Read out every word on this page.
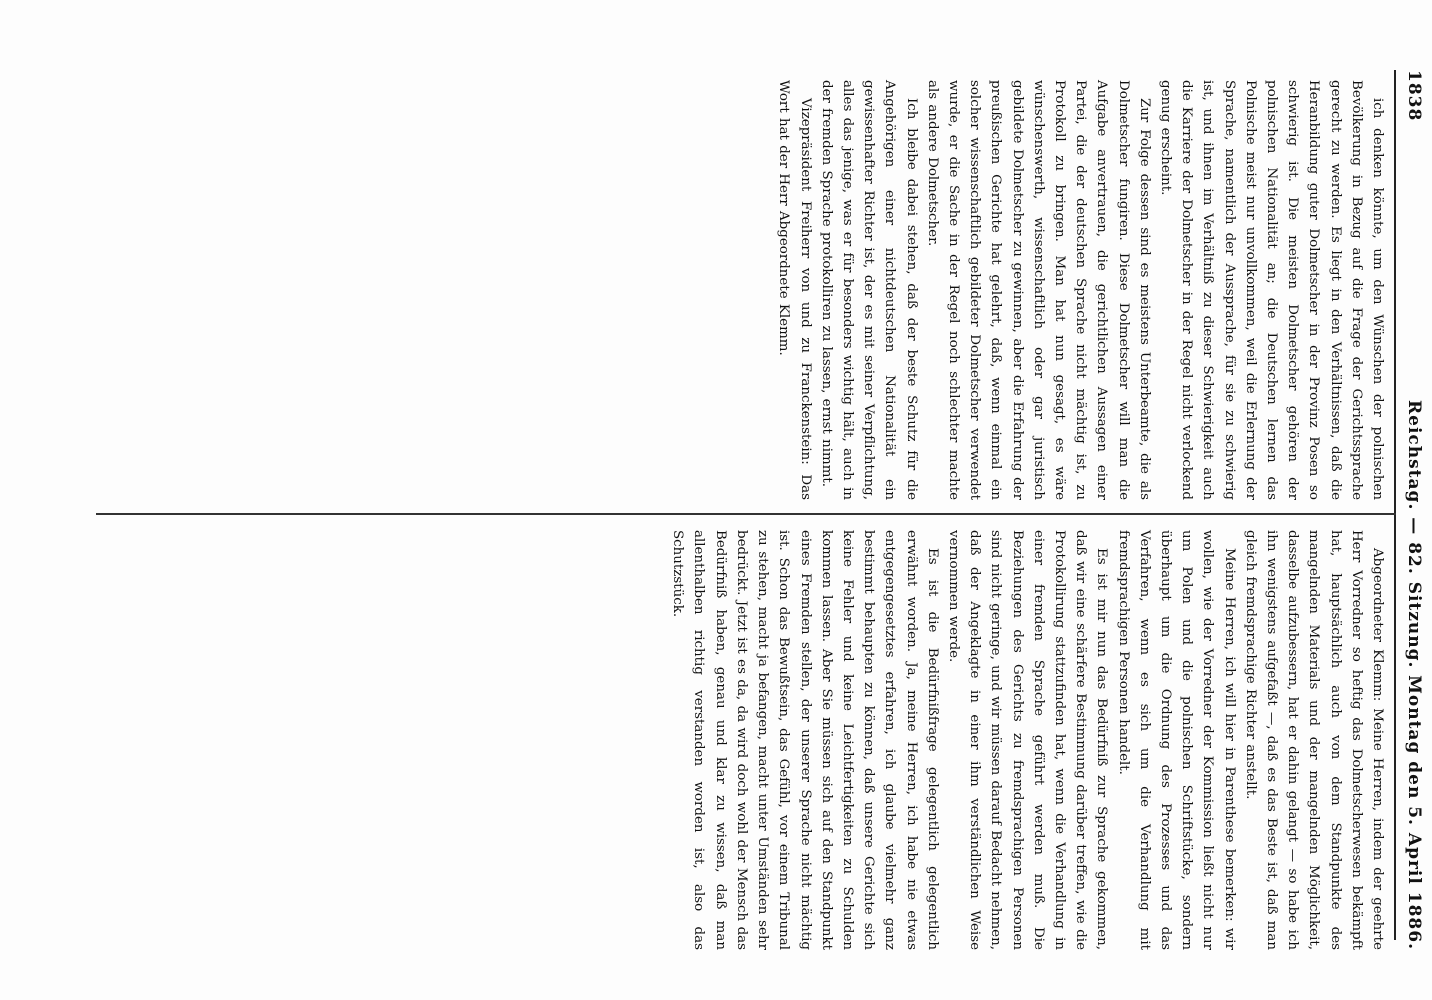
1838
Reichstag. — 82. Sitzung.
Montag den 5. April 1886.

ich denken könnte, um den Wünschen der polnischen Bevölkerung in Bezug auf die Frage der Gerichtssprache gerecht zu werden. Es liegt in den Verhältnissen, daß die Heranbildung guter Dolmetscher in der Provinz Posen so schwierig ist. Die meisten Dolmetscher gehören der polnischen Nationalität an; die Deutschen lernen das Polnische meist nur unvollkommen, weil die Erlernung der Sprache, namentlich der Aussprache, für sie zu schwierig ist, und ihnen im Verhältniß zu dieser Schwierigkeit auch die Karriere der Dolmetscher in der Regel nicht verlockend genug erscheint.

Zur Folge dessen sind es meistens Unterbeamte, die als Dolmetscher fungiren. Diese Dolmetscher will man die Aufgabe anvertrauen, die gerichtlichen Aussagen einer Partei, die der deutschen Sprache nicht mächtig ist, zu Protokoll zu bringen. Man hat nun gesagt, es wäre wünschenswerth, wissenschaftlich oder gar juristisch gebildete Dolmetscher zu gewinnen, aber die Erfahrung der preußischen Gerichte hat gelehrt, daß, wenn einmal ein solcher wissenschaftlich gebildeter Dolmetscher verwendet wurde, er die Sache in der Regel noch schlechter machte als andere Dolmetscher.

Ich bleibe dabei stehen, daß der beste Schutz für die Angehörigen einer nichtdeutschen Nationalität ein gewissenhafter Richter ist, der es mit seiner Verpflichtung, alles das jenige, was er für besonders wichtig hält, auch in der fremden Sprache protokolliren zu lassen, ernst nimmt.

Vizepräsident Freiherr von und zu Franckenstein: Das Wort hat der Herr Abgeordnete Klemm.

Abgeordneter Klemm: Meine Herren, indem der geehrte Herr Vorredner so heftig das Dolmetscherwesen bekämpft hat, hauptsächlich auch von dem Standpunkte des mangelnden Materials und der mangelnden Möglichkeit, dasselbe aufzubessern, hat er dahin gelangt — so habe ich ihn wenigstens aufgefaßt —, daß es das Beste ist, daß man gleich fremdsprachige Richter anstellt.

Meine Herren, ich will hier in Parenthese bemerken: wir wollen, wie der Vorredner der Kommission ließt nicht nur um Polen und die polnischen Schriftstücke, sondern überhaupt um die Ordnung des Prozesses und das Verfahren, wenn es sich um die Verhandlung mit fremdsprachigen Personen handelt.

Es ist mir nun das Bedürfniß zur Sprache gekommen, daß wir eine schärfere Bestimmung darüber treffen, wie die Protokollirung stattzufinden hat, wenn die Verhandlung in einer fremden Sprache geführt werden muß. Die Beziehungen des Gerichts zu fremdsprachigen Personen sind nicht geringe, und wir müssen darauf Bedacht nehmen, daß der Angeklagte in einer ihm verständlichen Weise vernommen werde.

Es ist die Bedürfnißfrage gelegentlich gelegentlich erwähnt worden. Ja, meine Herren, ich habe nie etwas entgegengesetztes erfahren, ich glaube vielmehr ganz bestimmt behaupten zu können, daß unsere Gerichte sich keine Fehler und keine Leichtfertigkeiten zu Schulden kommen lassen. Aber Sie müssen sich auf den Standpunkt eines Fremden stellen, der unserer Sprache nicht mächtig ist. Schon das Bewußtsein, das Gefühl, vor einem Tribunal zu stehen, macht ja befangen, macht unter Umständen sehr bedrückt. Jetzt ist es da, da wird doch wohl der Mensch das Bedürfniß haben, genau und klar zu wissen, daß man allenthalben richtig verstanden worden ist, also das Schutzstück.
